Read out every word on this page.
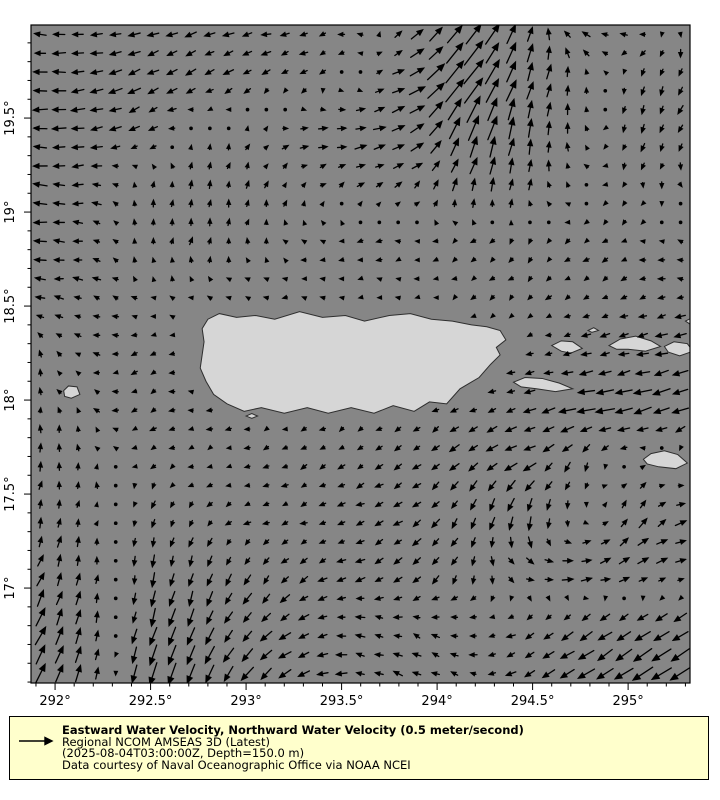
292°	292.5°	293°	293.5°	294°	294.5°	295°
17°
17.5°
18°
18.5°
19°
19.5°
Eastward Water Velocity, Northward Water Velocity (0.5 meter/second)
Regional NCOM AMSEAS 3D (Latest)
(2025-08-04T03:00:00Z, Depth=150.0 m)
Data courtesy of Naval Oceanographic Office via NOAA NCEI
